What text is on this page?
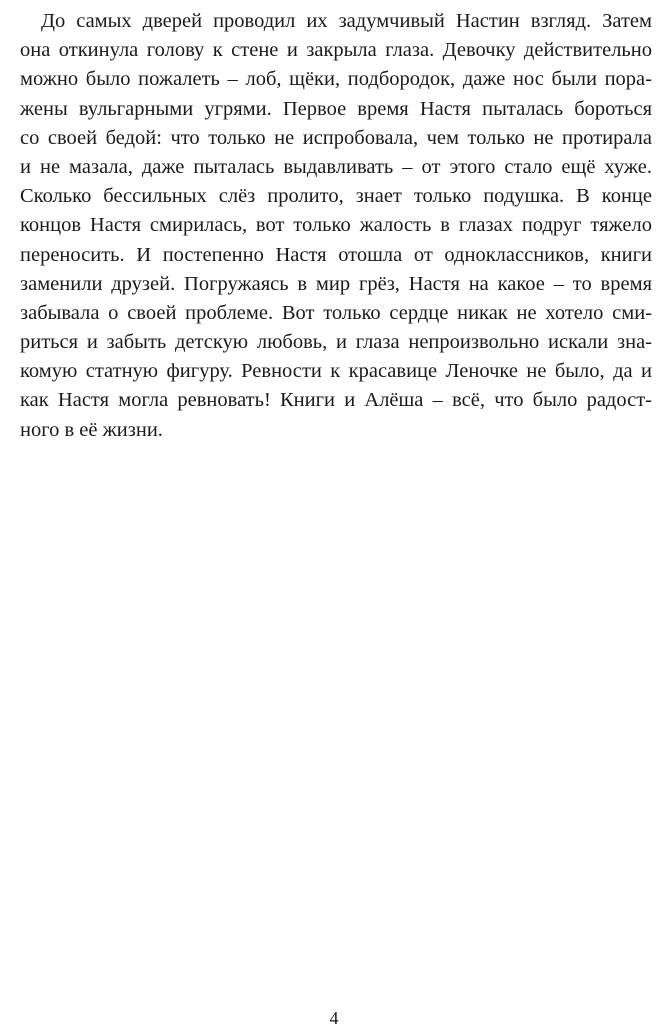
До самых дверей проводил их задумчивый Настин взгляд. Затем
она откинула голову к стене и закрыла глаза. Девочку действительно
можно было пожалеть – лоб, щёки, подбородок, даже нос были пора-
жены вульгарными угрями. Первое время Настя пыталась бороться
со своей бедой: что только не испробовала, чем только не протирала
и не мазала, даже пыталась выдавливать – от этого стало ещё хуже.
Сколько бессильных слёз пролито, знает только подушка. В конце
концов Настя смирилась, вот только жалость в глазах подруг тяжело
переносить. И постепенно Настя отошла от одноклассников, книги
заменили друзей. Погружаясь в мир грёз, Настя на какое – то время
забывала о своей проблеме. Вот только сердце никак не хотело сми-
риться и забыть детскую любовь, и глаза непроизвольно искали зна-
комую статную фигуру. Ревности к красавице Леночке не было, да и
как Настя могла ревновать! Книги и Алёша – всё, что было радост-
ного в её жизни.
4
